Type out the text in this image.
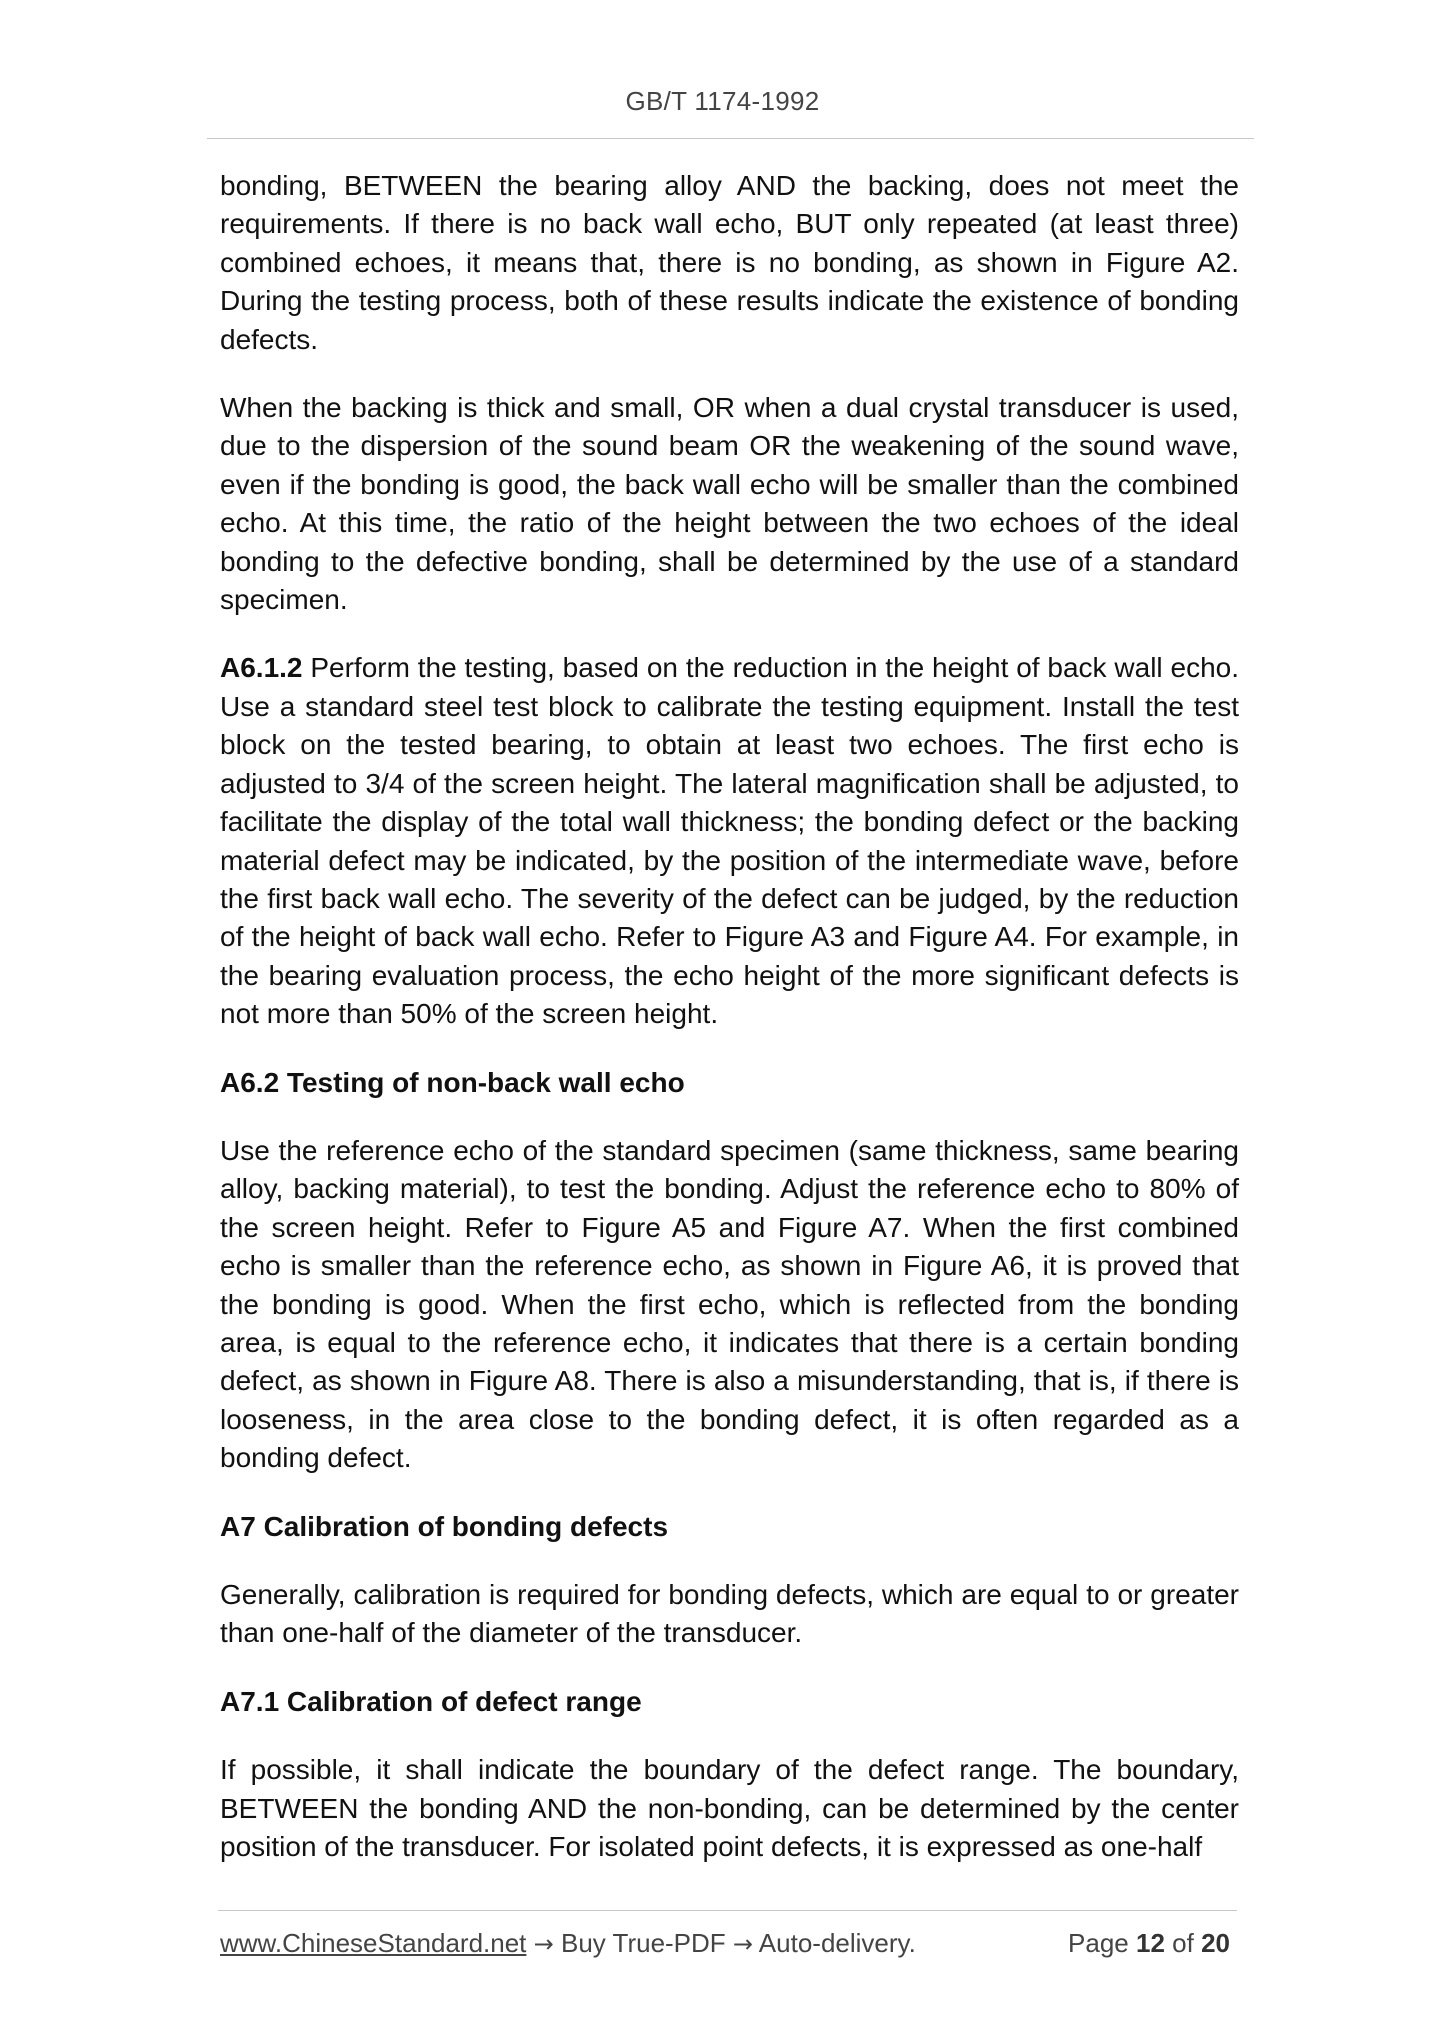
GB/T 1174-1992

bonding, BETWEEN the bearing alloy AND the backing, does not meet the requirements. If there is no back wall echo, BUT only repeated (at least three) combined echoes, it means that, there is no bonding, as shown in Figure A2. During the testing process, both of these results indicate the existence of bonding defects.

When the backing is thick and small, OR when a dual crystal transducer is used, due to the dispersion of the sound beam OR the weakening of the sound wave, even if the bonding is good, the back wall echo will be smaller than the combined echo. At this time, the ratio of the height between the two echoes of the ideal bonding to the defective bonding, shall be determined by the use of a standard specimen.

A6.1.2 Perform the testing, based on the reduction in the height of back wall echo. Use a standard steel test block to calibrate the testing equipment. Install the test block on the tested bearing, to obtain at least two echoes. The first echo is adjusted to 3/4 of the screen height. The lateral magnification shall be adjusted, to facilitate the display of the total wall thickness; the bonding defect or the backing material defect may be indicated, by the position of the intermediate wave, before the first back wall echo. The severity of the defect can be judged, by the reduction of the height of back wall echo. Refer to Figure A3 and Figure A4. For example, in the bearing evaluation process, the echo height of the more significant defects is not more than 50% of the screen height.

A6.2 Testing of non-back wall echo

Use the reference echo of the standard specimen (same thickness, same bearing alloy, backing material), to test the bonding. Adjust the reference echo to 80% of the screen height. Refer to Figure A5 and Figure A7. When the first combined echo is smaller than the reference echo, as shown in Figure A6, it is proved that the bonding is good. When the first echo, which is reflected from the bonding area, is equal to the reference echo, it indicates that there is a certain bonding defect, as shown in Figure A8. There is also a misunderstanding, that is, if there is looseness, in the area close to the bonding defect, it is often regarded as a bonding defect.

A7 Calibration of bonding defects

Generally, calibration is required for bonding defects, which are equal to or greater than one-half of the diameter of the transducer.

A7.1 Calibration of defect range

If possible, it shall indicate the boundary of the defect range. The boundary, BETWEEN the bonding AND the non-bonding, can be determined by the center position of the transducer. For isolated point defects, it is expressed as one-half

www.ChineseStandard.net → Buy True-PDF → Auto-delivery.	Page 12 of 20
